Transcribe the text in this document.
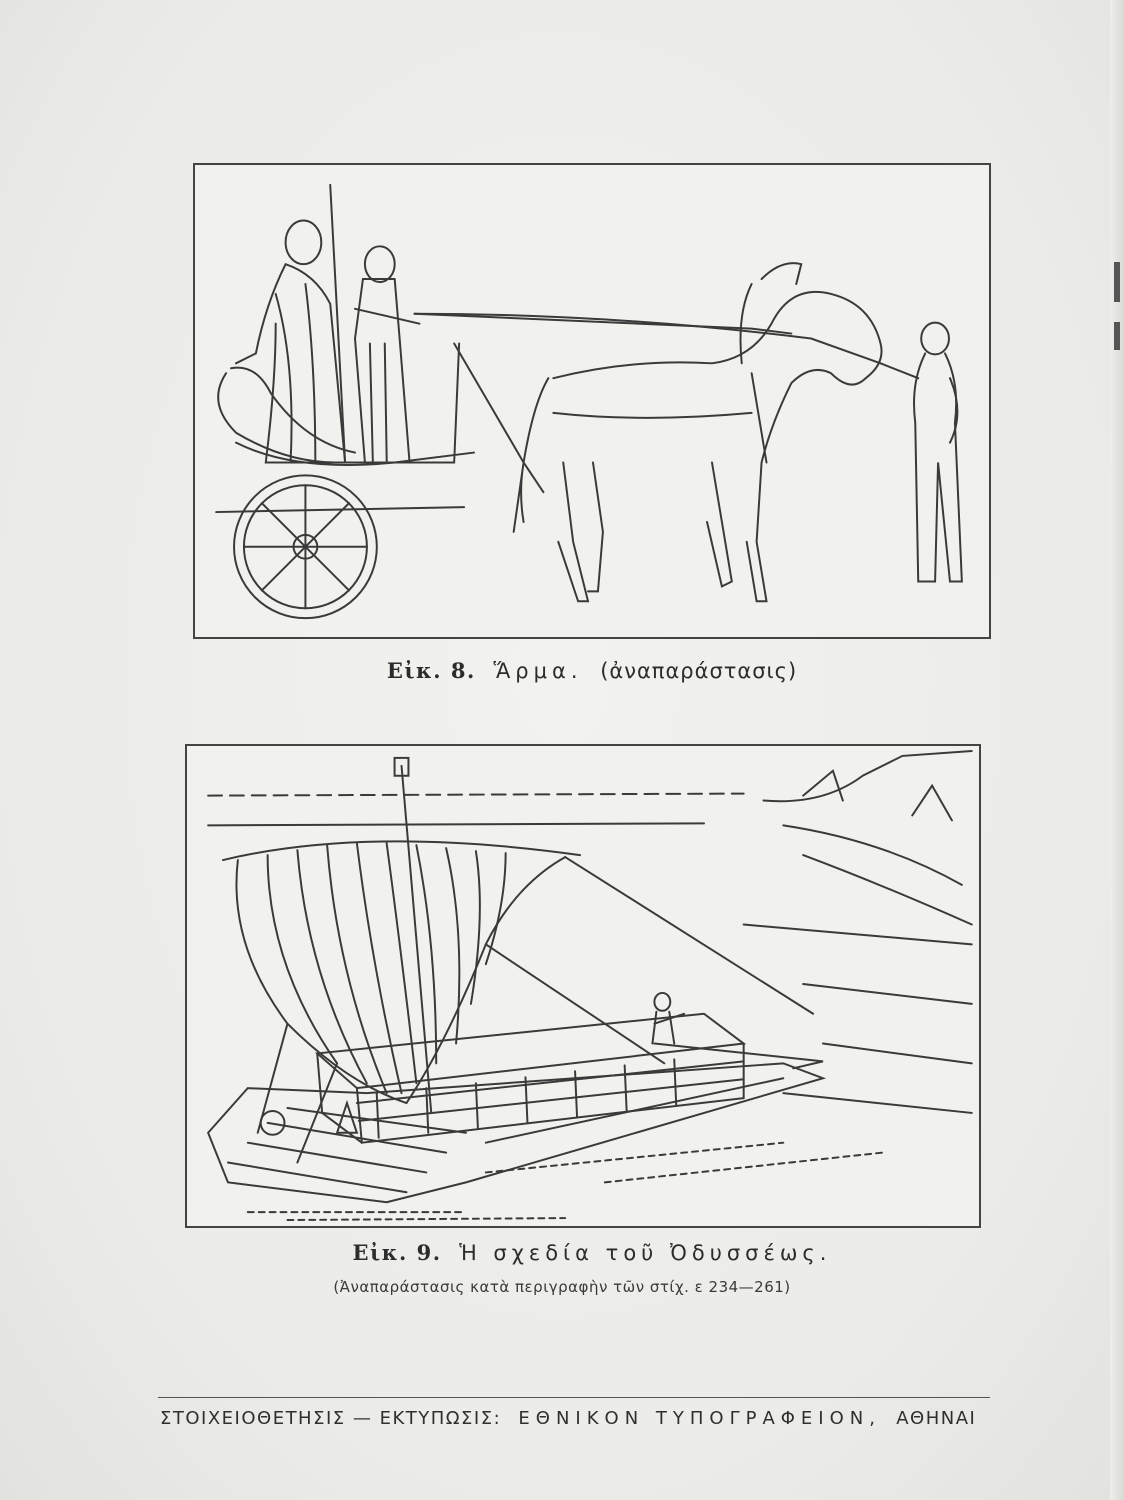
Εἰκ. 8. Ἅρμα. (ἀναπαράστασις)
Εἰκ. 9. Ἡ σχεδία τοῦ Ὀδυσσέως.
(Ἀναπαράστασις κατὰ περιγραφὴν τῶν στίχ. ε 234—261)
ΣΤΟΙΧΕΙΟΘΕΤΗΣΙΣ — ΕΚΤΥΠΩΣΙΣ: ΕΘΝΙΚΟΝ ΤΥΠΟΓΡΑΦΕΙΟΝ, ΑΘΗΝΑΙ
